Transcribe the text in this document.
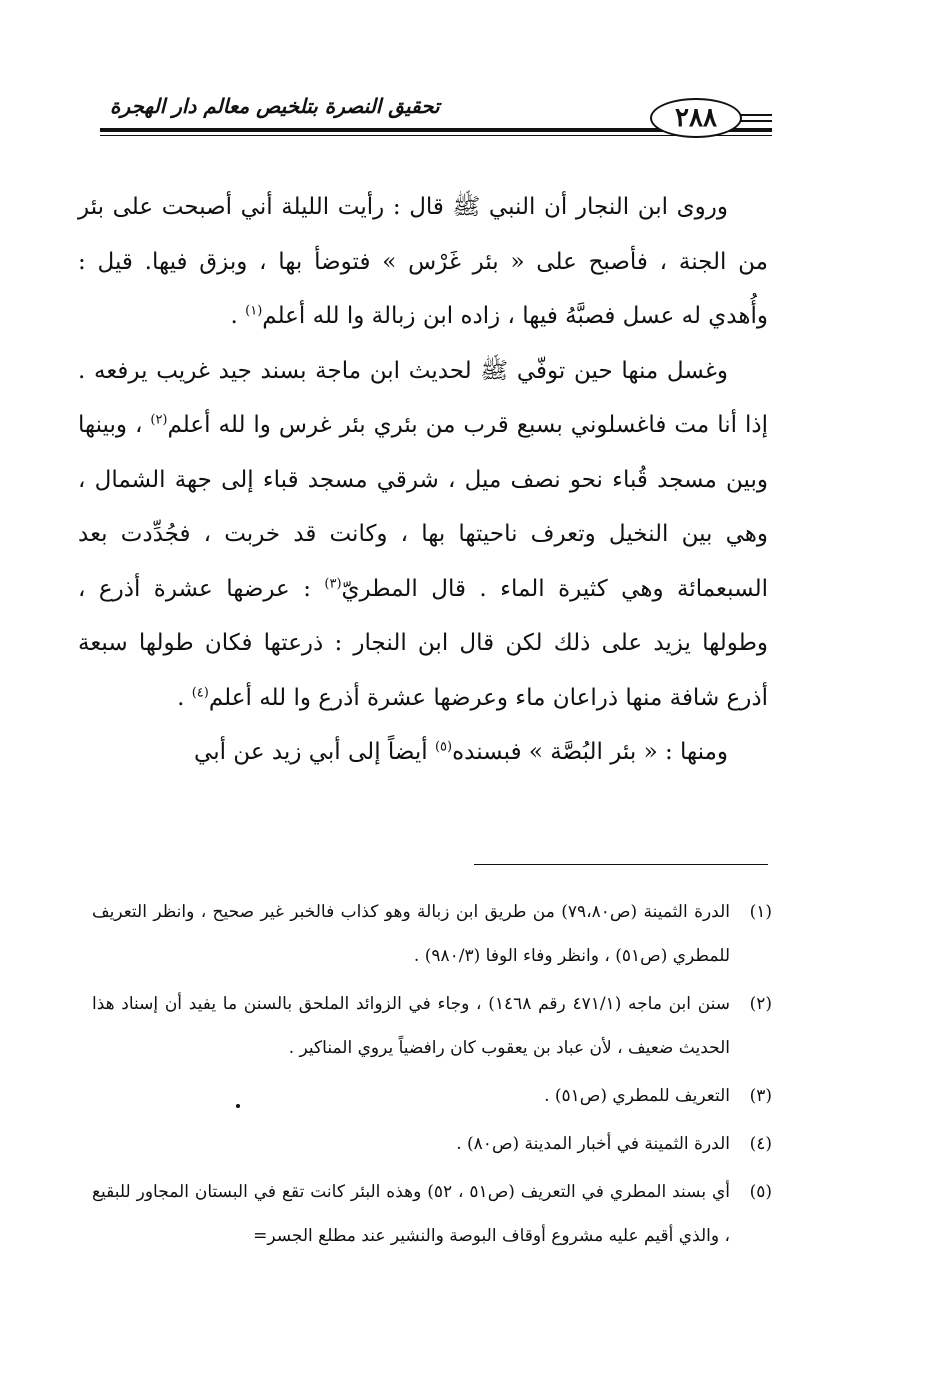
تحقيق النصرة بتلخيص معالم دار الهجرة	٢٨٨

وروى ابن النجار أن النبي ﷺ قال : رأيت الليلة أني أصبحت على بئر من الجنة ، فأصبح على « بئر غَرْس » فتوضأ بها ، وبزق فيها. قيل : وأُهدي له عسل فصبَّهُ فيها ، زاده ابن زبالة وا لله أعلم$^{(١)}$ .

وغسل منها حين توفّي ﷺ لحديث ابن ماجة بسند جيد غريب يرفعه . إذا أنا مت فاغسلوني بسبع قرب من بئري بئر غرس وا لله أعلم$^{(٢)}$ ، وبينها وبين مسجد قُباء نحو نصف ميل ، شرقي مسجد قباء إلى جهة الشمال ، وهي بين النخيل وتعرف ناحيتها بها ، وكانت قد خربت ، فجُدِّدت بعد السبعمائة وهي كثيرة الماء . قال المطريّ$^{(٣)}$ : عرضها عشرة أذرع ، وطولها يزيد على ذلك لكن قال ابن النجار : ذرعتها فكان طولها سبعة أذرع شافة منها ذراعان ماء وعرضها عشرة أذرع وا لله أعلم$^{(٤)}$ .

ومنها : « بئر البُصَّة » فبسنده$^{(٥)}$ أيضاً إلى أبي زيد عن أبي

(١)
الدرة الثمينة (ص٧٩،٨٠) من طريق ابن زبالة وهو كذاب فالخبر غير صحيح ، وانظر التعريف للمطري (ص٥١) ، وانظر وفاء الوفا (٩٨٠/٣) .
(٢)
سنن ابن ماجه (٤٧١/١ رقم ١٤٦٨) ، وجاء في الزوائد الملحق بالسنن ما يفيد أن إسناد هذا الحديث ضعيف ، لأن عباد بن يعقوب كان رافضياً يروي المناكير .
(٣)
التعريف للمطري (ص٥١) .
(٤)
الدرة الثمينة في أخبار المدينة (ص٨٠) .
(٥)
أي بسند المطري في التعريف (ص٥١ ، ٥٢) وهذه البئر كانت تقع في البستان المجاور للبقيع ، والذي أقيم عليه مشروع أوقاف البوصة والنشير عند مطلع الجسر=
